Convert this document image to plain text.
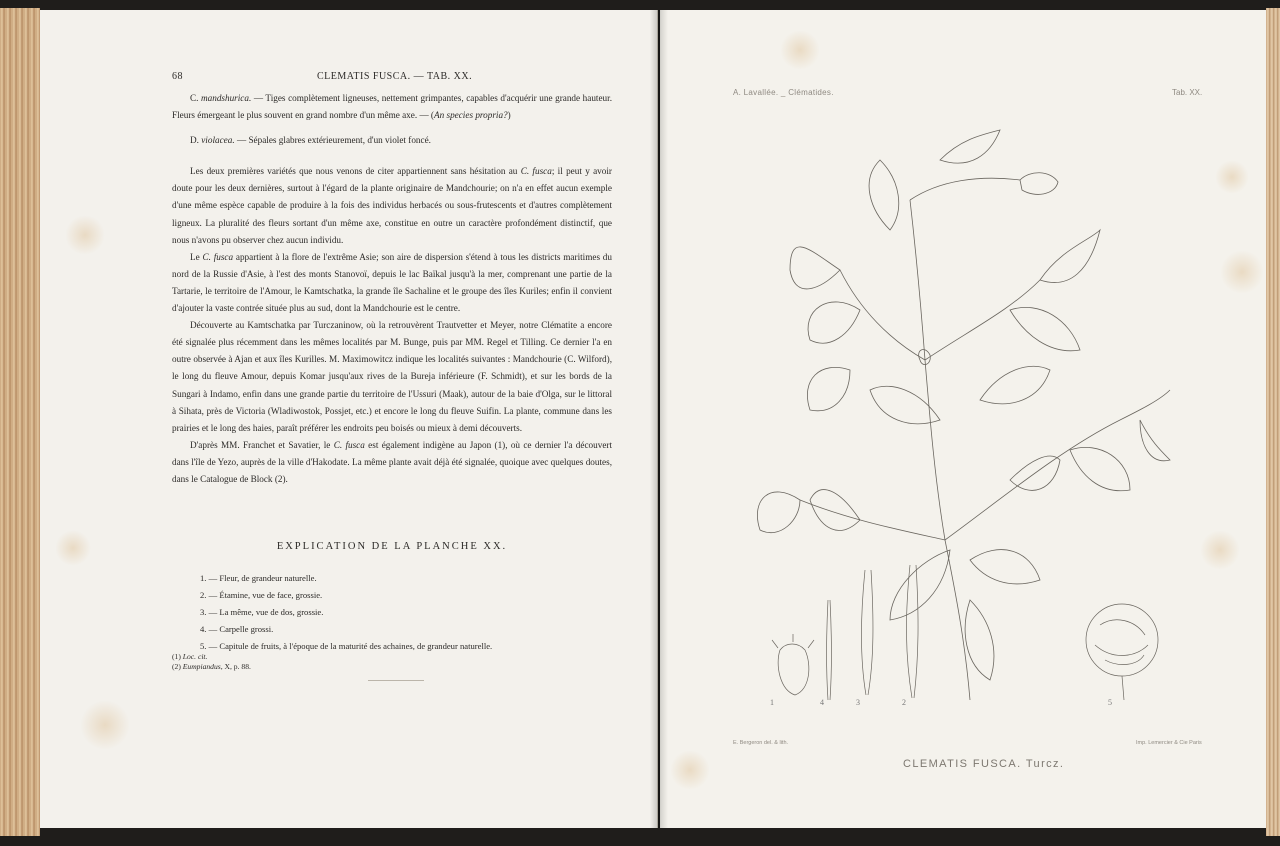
68	CLEMATIS FUSCA. — TAB. XX.

C. mandshurica. — Tiges complètement ligneuses, nettement grimpantes, capables d'acquérir une grande hauteur. Fleurs émergeant le plus souvent en grand nombre d'un même axe. — (An species propria?)

D. violacea. — Sépales glabres extérieurement, d'un violet foncé.

Les deux premières variétés que nous venons de citer appartiennent sans hésitation au C. fusca; il peut y avoir doute pour les deux dernières, surtout à l'égard de la plante originaire de Mandchourie; on n'a en effet aucun exemple d'une même espèce capable de produire à la fois des individus herbacés ou sous-frutescents et d'autres complètement ligneux. La pluralité des fleurs sortant d'un même axe, constitue en outre un caractère profondément distinctif, que nous n'avons pu observer chez aucun individu.

Le C. fusca appartient à la flore de l'extrême Asie; son aire de dispersion s'étend à tous les districts maritimes du nord de la Russie d'Asie, à l'est des monts Stanovoï, depuis le lac Baïkal jusqu'à la mer, comprenant une partie de la Tartarie, le territoire de l'Amour, le Kamtschatka, la grande île Sachaline et le groupe des îles Kuriles; enfin il convient d'ajouter la vaste contrée située plus au sud, dont la Mandchourie est le centre.

Découverte au Kamtschatka par Turczaninow, où la retrouvèrent Trautvetter et Meyer, notre Clématite a encore été signalée plus récemment dans les mêmes localités par M. Bunge, puis par MM. Regel et Tilling. Ce dernier l'a en outre observée à Ajan et aux îles Kurilles. M. Maximowitcz indique les localités suivantes : Mandchourie (C. Wilford), le long du fleuve Amour, depuis Komar jusqu'aux rives de la Bureja inférieure (F. Schmidt), et sur les bords de la Sungari à Indamo, enfin dans une grande partie du territoire de l'Ussuri (Maak), autour de la baie d'Olga, sur le littoral à Sihata, près de Victoria (Wladiwostok, Possjet, etc.) et encore le long du fleuve Suifin. La plante, commune dans les prairies et le long des haies, paraît préférer les endroits peu boisés ou mieux à demi découverts.

D'après MM. Franchet et Savatier, le C. fusca est également indigène au Japon (1), où ce dernier l'a découvert dans l'île de Yezo, auprès de la ville d'Hakodate. La même plante avait déjà été signalée, quoique avec quelques doutes, dans le Catalogue de Block (2).

EXPLICATION DE LA PLANCHE XX.
1. — Fleur, de grandeur naturelle.
2. — Étamine, vue de face, grossie.
3. — La même, vue de dos, grossie.
4. — Carpelle grossi.
5. — Capitule de fruits, à l'époque de la maturité des achaines, de grandeur naturelle.
(1) Loc. cit.
(2) Eumpiandus, X, p. 88.
A. Lavallée. _ Clématides.	Tab. XX.
1	4	3	2	5
E. Bergeron del. & lith.	Imp. Lemercier & Cie Paris
CLEMATIS FUSCA. Turcz.
